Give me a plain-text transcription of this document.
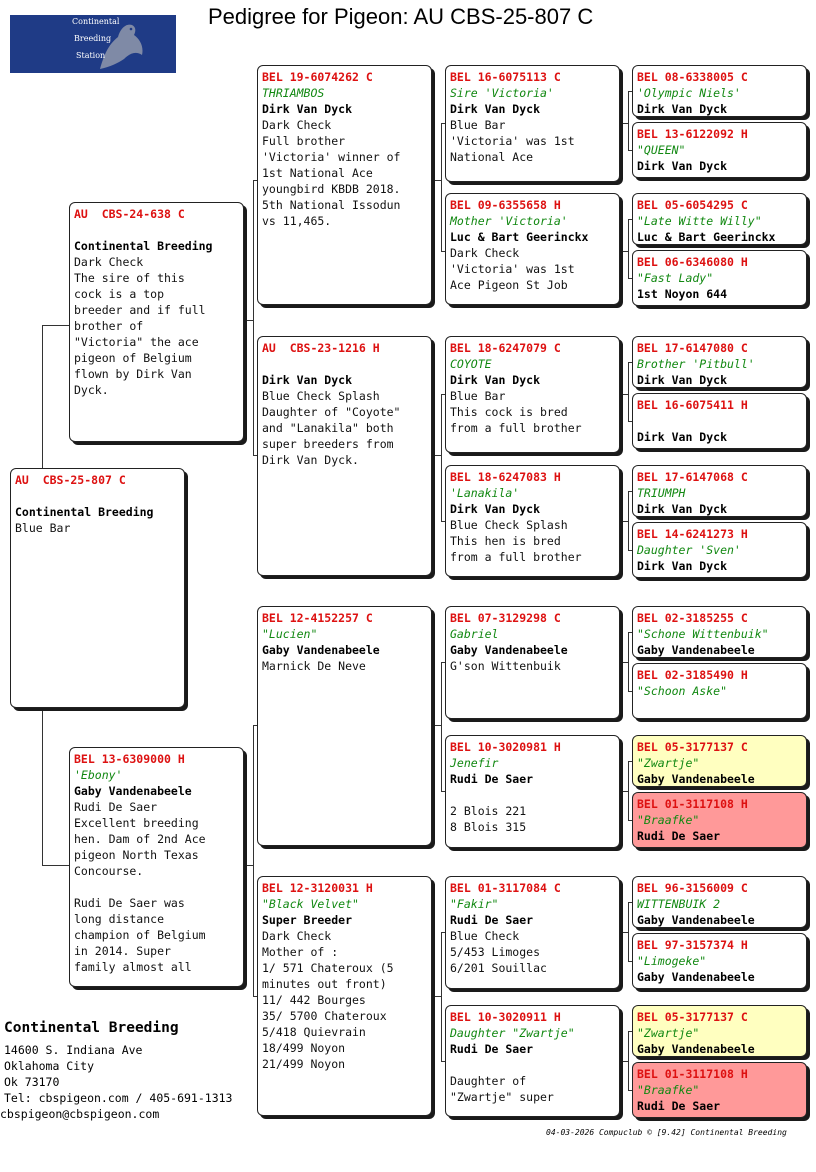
Continental
Breeding
Station
Pedigree for Pigeon: AU CBS-25-807 C
AU  CBS-25-807 C
Continental Breeding
Blue Bar
AU  CBS-24-638 C
Continental Breeding
Dark Check
The sire of this
cock is a top
breeder and if full
brother of
"Victoria" the ace
pigeon of Belgium
flown by Dirk Van
Dyck.
BEL 13-6309000 H
'Ebony'
Gaby Vandenabeele
Rudi De Saer
Excellent breeding
hen. Dam of 2nd Ace
pigeon North Texas
Concourse.
Rudi De Saer was
long distance
champion of Belgium
in 2014. Super
family almost all
BEL 19-6074262 C
THRIAMBOS
Dirk Van Dyck
Dark Check
Full brother
'Victoria' winner of
1st National Ace
youngbird KBDB 2018.
5th National Issodun
vs 11,465.
AU  CBS-23-1216 H
Dirk Van Dyck
Blue Check Splash
Daughter of "Coyote"
and "Lanakila" both
super breeders from
Dirk Van Dyck.
BEL 12-4152257 C
"Lucien"
Gaby Vandenabeele
Marnick De Neve
BEL 12-3120031 H
"Black Velvet"
Super Breeder
Dark Check
Mother of :
1/ 571 Chateroux (5
minutes out front)
11/ 442 Bourges
35/ 5700 Chateroux
5/418 Quievrain
18/499 Noyon
21/499 Noyon
BEL 16-6075113 C
Sire 'Victoria'
Dirk Van Dyck
Blue Bar
'Victoria' was 1st
National Ace
BEL 09-6355658 H
Mother 'Victoria'
Luc & Bart Geerinckx
Dark Check
'Victoria' was 1st
Ace Pigeon St Job
BEL 18-6247079 C
COYOTE
Dirk Van Dyck
Blue Bar
This cock is bred
from a full brother
BEL 18-6247083 H
'Lanakila'
Dirk Van Dyck
Blue Check Splash
This hen is bred
from a full brother
BEL 07-3129298 C
Gabriel
Gaby Vandenabeele
G'son Wittenbuik
BEL 10-3020981 H
Jenefir
Rudi De Saer
2 Blois 221
8 Blois 315
BEL 01-3117084 C
"Fakir"
Rudi De Saer
Blue Check
5/453 Limoges
6/201 Souillac
BEL 10-3020911 H
Daughter "Zwartje"
Rudi De Saer
Daughter of
"Zwartje" super
BEL 08-6338005 C
'Olympic Niels'
Dirk Van Dyck
BEL 13-6122092 H
"QUEEN"
Dirk Van Dyck
BEL 05-6054295 C
"Late Witte Willy"
Luc & Bart Geerinckx
BEL 06-6346080 H
"Fast Lady"
1st Noyon 644
BEL 17-6147080 C
Brother 'Pitbull'
Dirk Van Dyck
BEL 16-6075411 H
Dirk Van Dyck
BEL 17-6147068 C
TRIUMPH
Dirk Van Dyck
BEL 14-6241273 H
Daughter 'Sven'
Dirk Van Dyck
BEL 02-3185255 C
"Schone Wittenbuik"
Gaby Vandenabeele
BEL 02-3185490 H
"Schoon Aske"
BEL 05-3177137 C
"Zwartje"
Gaby Vandenabeele
BEL 01-3117108 H
"Braafke"
Rudi De Saer
BEL 96-3156009 C
WITTENBUIK 2
Gaby Vandenabeele
BEL 97-3157374 H
"Limogeke"
Gaby Vandenabeele
BEL 05-3177137 C
"Zwartje"
Gaby Vandenabeele
BEL 01-3117108 H
"Braafke"
Rudi De Saer
Continental Breeding
14600 S. Indiana Ave
Oklahoma City
Ok 73170
Tel: cbspigeon.com / 405-691-1313
cbspigeon@cbspigeon.com
04-03-2026 Compuclub © [9.42] Continental Breeding
